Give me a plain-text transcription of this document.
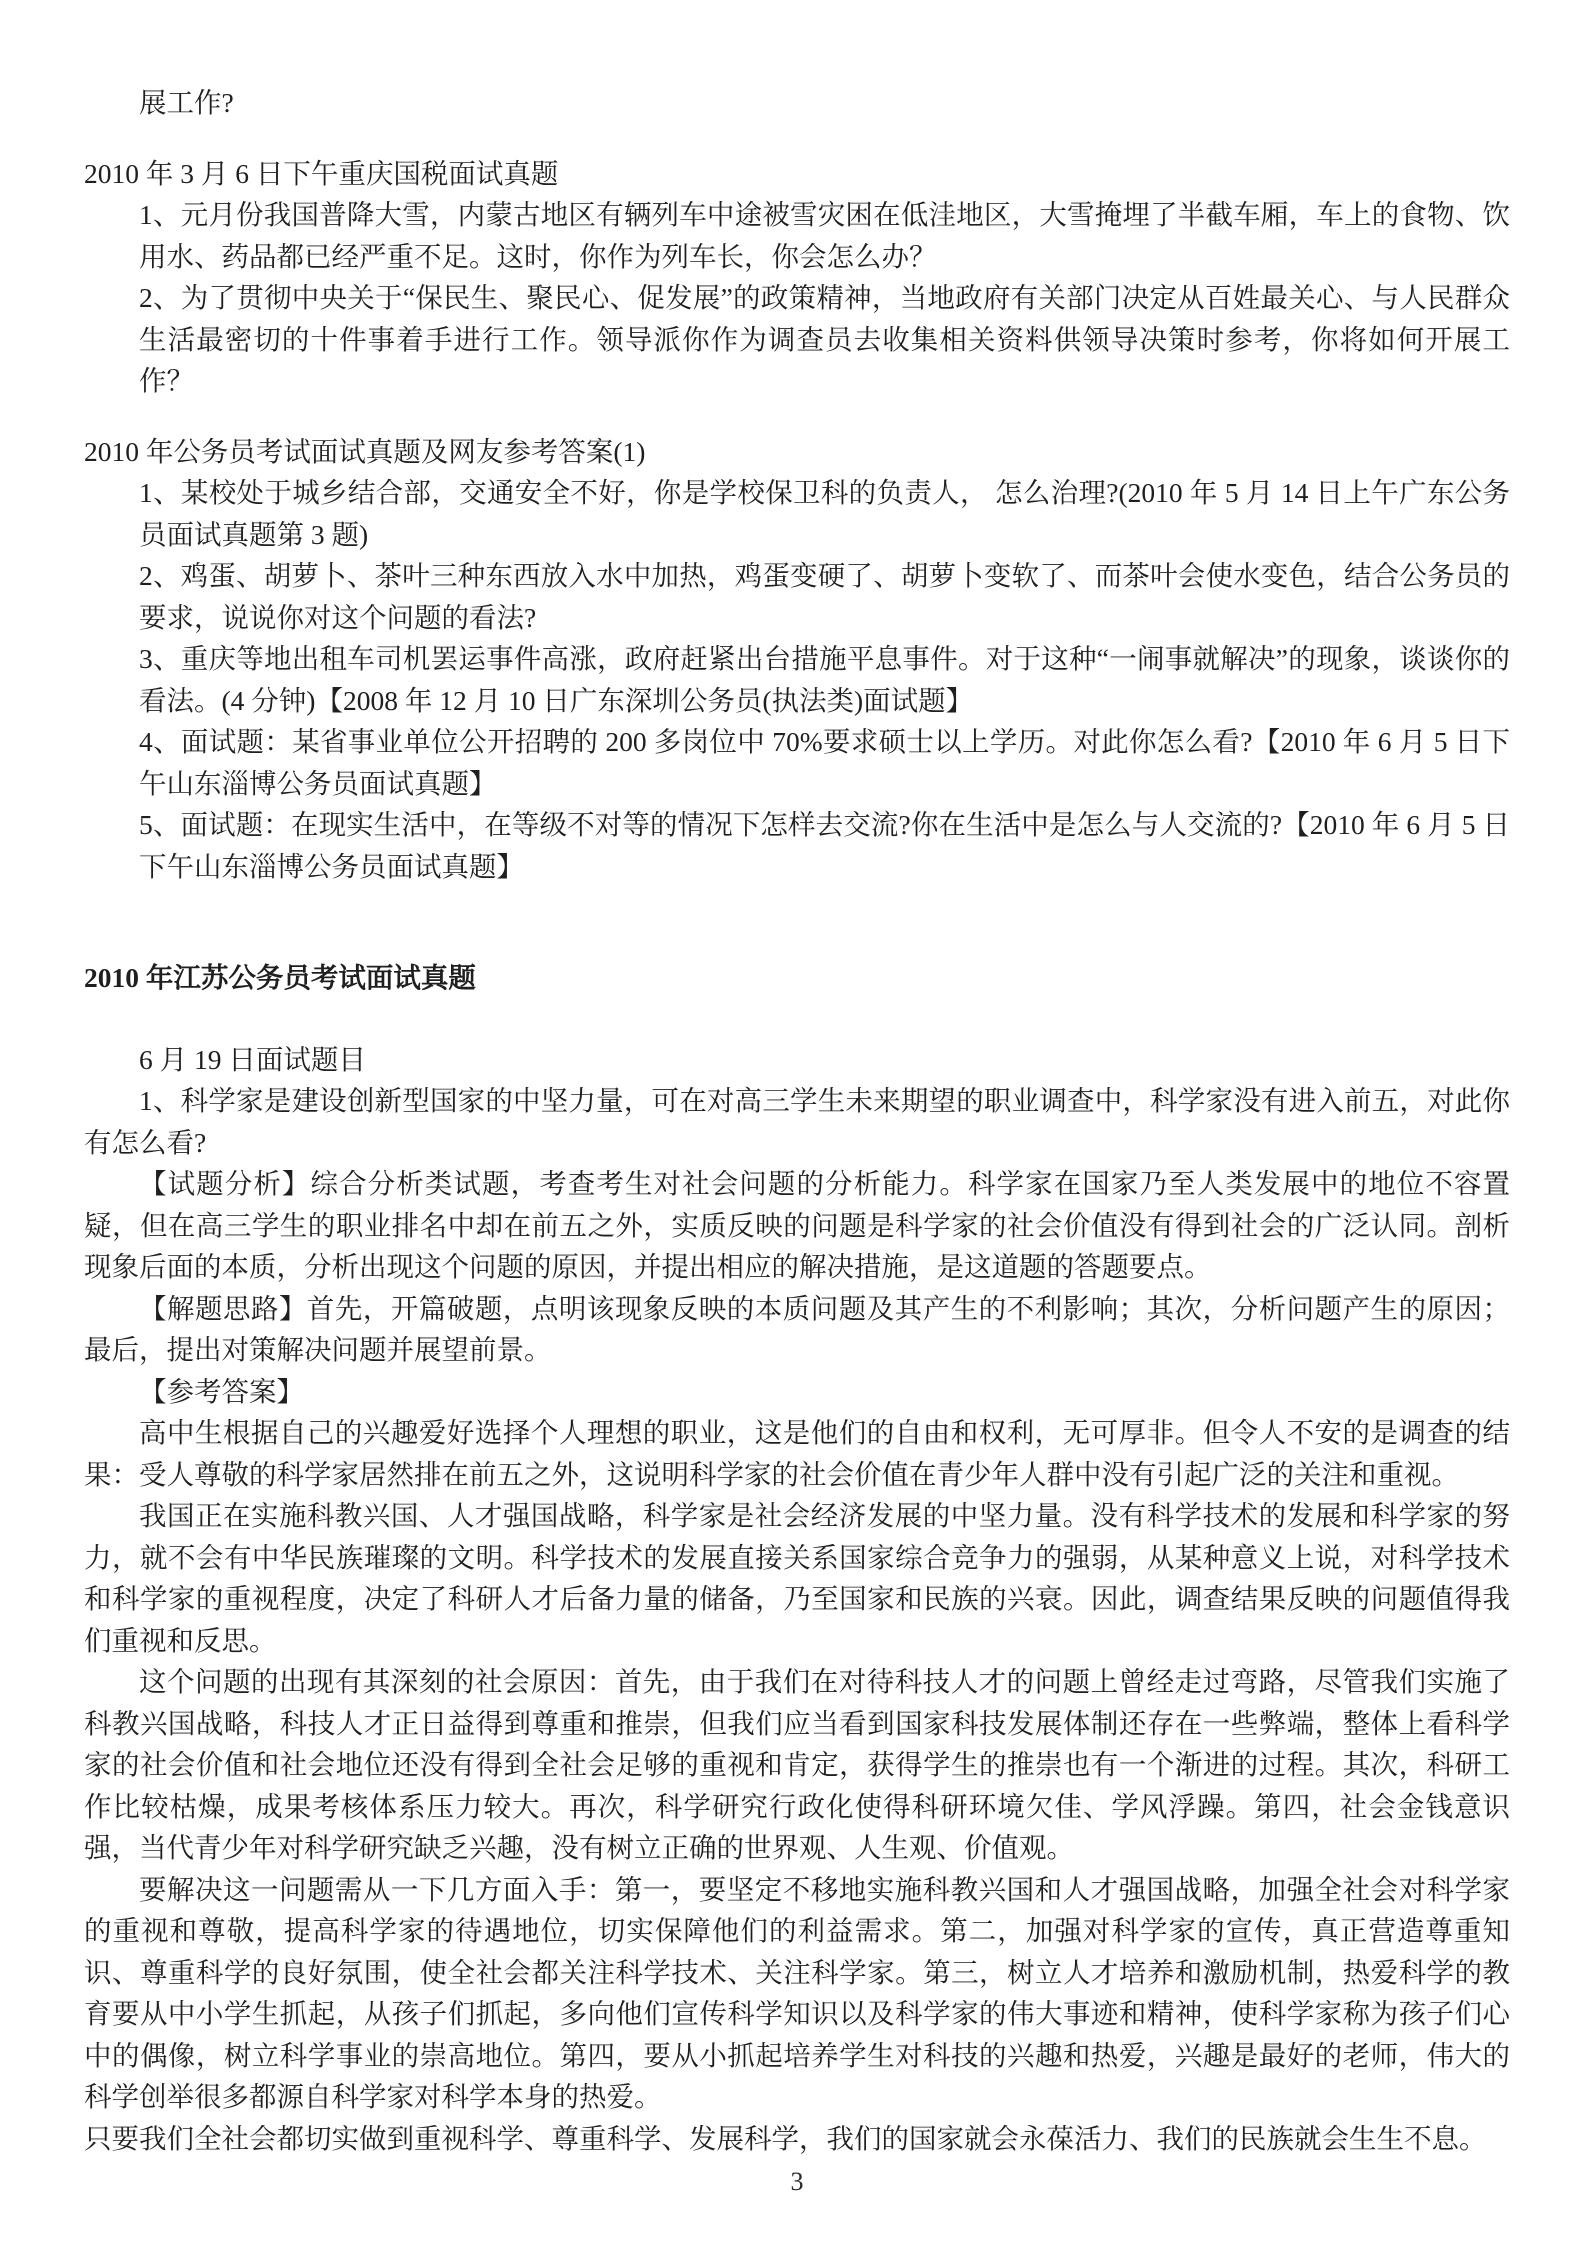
展工作?
2010 年 3 月 6 日下午重庆国税面试真题
1、元月份我国普降大雪，内蒙古地区有辆列车中途被雪灾困在低洼地区，大雪掩埋了半截车厢，车上的食物、饮用水、药品都已经严重不足。这时，你作为列车长，你会怎么办？
2、为了贯彻中央关于“保民生、聚民心、促发展”的政策精神，当地政府有关部门决定从百姓最关心、与人民群众生活最密切的十件事着手进行工作。领导派你作为调查员去收集相关资料供领导决策时参考，你将如何开展工作？
2010 年公务员考试面试真题及网友参考答案(1)
1、某校处于城乡结合部，交通安全不好，你是学校保卫科的负责人， 怎么治理?(2010 年 5 月 14 日上午广东公务员面试真题第 3 题)
2、鸡蛋、胡萝卜、茶叶三种东西放入水中加热，鸡蛋变硬了、胡萝卜变软了、而茶叶会使水变色，结合公务员的要求，说说你对这个问题的看法?
3、重庆等地出租车司机罢运事件高涨，政府赶紧出台措施平息事件。对于这种“一闹事就解决”的现象，谈谈你的看法。(4 分钟)【2008 年 12 月 10 日广东深圳公务员(执法类)面试题】
4、面试题：某省事业单位公开招聘的 200 多岗位中 70%要求硕士以上学历。对此你怎么看?【2010 年 6 月 5 日下午山东淄博公务员面试真题】
5、面试题：在现实生活中，在等级不对等的情况下怎样去交流?你在生活中是怎么与人交流的?【2010 年 6 月 5 日下午山东淄博公务员面试真题】
2010 年江苏公务员考试面试真题
6 月 19 日面试题目
1、科学家是建设创新型国家的中坚力量，可在对高三学生未来期望的职业调查中，科学家没有进入前五，对此你有怎么看?
【试题分析】综合分析类试题，考查考生对社会问题的分析能力。科学家在国家乃至人类发展中的地位不容置疑，但在高三学生的职业排名中却在前五之外，实质反映的问题是科学家的社会价值没有得到社会的广泛认同。剖析现象后面的本质，分析出现这个问题的原因，并提出相应的解决措施，是这道题的答题要点。
【解题思路】首先，开篇破题，点明该现象反映的本质问题及其产生的不利影响；其次，分析问题产生的原因；最后，提出对策解决问题并展望前景。
【参考答案】
高中生根据自己的兴趣爱好选择个人理想的职业，这是他们的自由和权利，无可厚非。但令人不安的是调查的结果：受人尊敬的科学家居然排在前五之外，这说明科学家的社会价值在青少年人群中没有引起广泛的关注和重视。
我国正在实施科教兴国、人才强国战略，科学家是社会经济发展的中坚力量。没有科学技术的发展和科学家的努力，就不会有中华民族璀璨的文明。科学技术的发展直接关系国家综合竞争力的强弱，从某种意义上说，对科学技术和科学家的重视程度，决定了科研人才后备力量的储备，乃至国家和民族的兴衰。因此，调查结果反映的问题值得我们重视和反思。
这个问题的出现有其深刻的社会原因：首先，由于我们在对待科技人才的问题上曾经走过弯路，尽管我们实施了科教兴国战略，科技人才正日益得到尊重和推崇，但我们应当看到国家科技发展体制还存在一些弊端，整体上看科学家的社会价值和社会地位还没有得到全社会足够的重视和肯定，获得学生的推崇也有一个渐进的过程。其次，科研工作比较枯燥，成果考核体系压力较大。再次，科学研究行政化使得科研环境欠佳、学风浮躁。第四，社会金钱意识强，当代青少年对科学研究缺乏兴趣，没有树立正确的世界观、人生观、价值观。
要解决这一问题需从一下几方面入手：第一，要坚定不移地实施科教兴国和人才强国战略，加强全社会对科学家的重视和尊敬，提高科学家的待遇地位，切实保障他们的利益需求。第二，加强对科学家的宣传，真正营造尊重知识、尊重科学的良好氛围，使全社会都关注科学技术、关注科学家。第三，树立人才培养和激励机制，热爱科学的教育要从中小学生抓起，从孩子们抓起，多向他们宣传科学知识以及科学家的伟大事迹和精神，使科学家称为孩子们心中的偶像，树立科学事业的崇高地位。第四，要从小抓起培养学生对科技的兴趣和热爱，兴趣是最好的老师，伟大的科学创举很多都源自科学家对科学本身的热爱。
只要我们全社会都切实做到重视科学、尊重科学、发展科学，我们的国家就会永葆活力、我们的民族就会生生不息。
3
